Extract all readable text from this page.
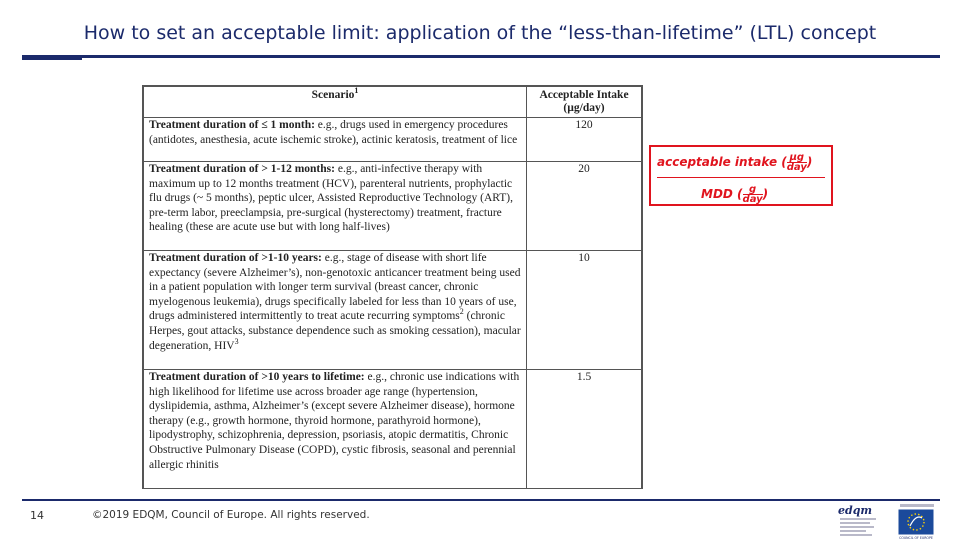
How to set an acceptable limit: application of the “less-than-lifetime” (LTL) concept
Scenario$^1$	Acceptable Intake (µg/day)
Treatment duration of ≤ 1 month: e.g., drugs used in emergency procedures (antidotes, anesthesia, acute ischemic stroke), actinic keratosis, treatment of lice	120
Treatment duration of > 1-12 months: e.g., anti-infective therapy with maximum up to 12 months treatment (HCV), parenteral nutrients, prophylactic flu drugs (~ 5 months), peptic ulcer, Assisted Reproductive Technology (ART), pre-term labor, preeclampsia, pre-surgical (hysterectomy) treatment, fracture healing (these are acute use but with long half-lives)	20
Treatment duration of >1-10 years: e.g., stage of disease with short life expectancy (severe Alzheimer’s), non-genotoxic anticancer treatment being used in a patient population with longer term survival (breast cancer, chronic myelogenous leukemia), drugs specifically labeled for less than 10 years of use, drugs administered intermittently to treat acute recurring symptoms$^2$ (chronic Herpes, gout attacks, substance dependence such as smoking cessation), macular degeneration, HIV$^3$	10
Treatment duration of >10 years to lifetime: e.g., chronic use indications with high likelihood for lifetime use across broader age range (hypertension, dyslipidemia, asthma, Alzheimer’s (except severe Alzheimer disease), hormone therapy (e.g., growth hormone, thyroid hormone, parathyroid hormone), lipodystrophy, schizophrenia, depression, psoriasis, atopic dermatitis, Chronic Obstructive Pulmonary Disease (COPD), cystic fibrosis, seasonal and perennial allergic rhinitis	1.5
acceptable intake ( $\frac{\text{µg}}{\text{day}}$ )
MDD ( $\frac{g}{\text{day}}$ )
14	©2019 EDQM, Council of Europe. All rights reserved.	edqm
COUNCIL OF EUROPE
